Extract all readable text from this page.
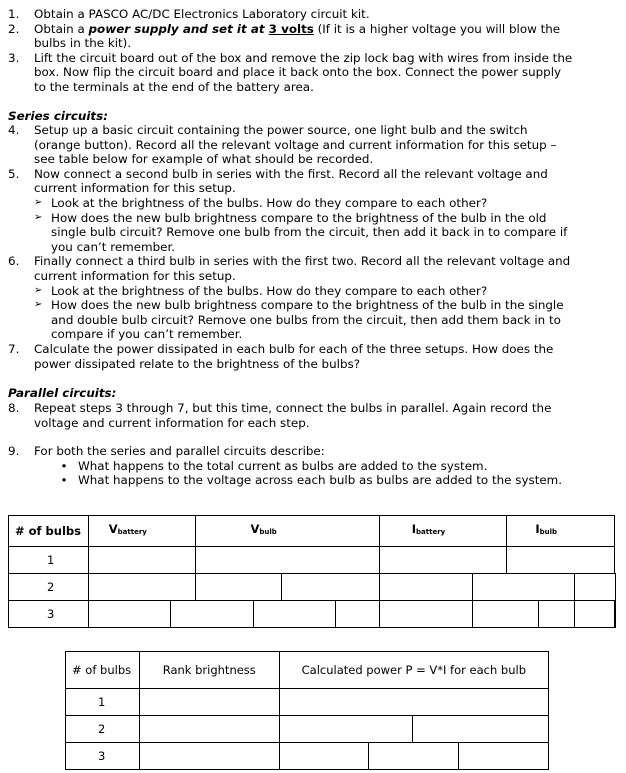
1.	Obtain a PASCO AC/DC Electronics Laboratory circuit kit.
2.	Obtain a power supply and set it at 3 volts (If it is a higher voltage you will blow the bulbs in the kit).
3.	Lift the circuit board out of the box and remove the zip lock bag with wires from inside the box. Now flip the circuit board and place it back onto the box. Connect the power supply to the terminals at the end of the battery area.
Series circuits:
4.	Setup up a basic circuit containing the power source, one light bulb and the switch (orange button). Record all the relevant voltage and current information for this setup – see table below for example of what should be recorded.
5.	Now connect a second bulb in series with the first. Record all the relevant voltage and current information for this setup.
➢ Look at the brightness of the bulbs. How do they compare to each other?
➢ How does the new bulb brightness compare to the brightness of the bulb in the old single bulb circuit? Remove one bulb from the circuit, then add it back in to compare if you can’t remember.
6.	Finally connect a third bulb in series with the first two. Record all the relevant voltage and current information for this setup.
➢ Look at the brightness of the bulbs. How do they compare to each other?
➢ How does the new bulb brightness compare to the brightness of the bulb in the single and double bulb circuit? Remove one bulbs from the circuit, then add them back in to compare if you can’t remember.
7.	Calculate the power dissipated in each bulb for each of the three setups. How does the power dissipated relate to the brightness of the bulbs?
Parallel circuits:
8.	Repeat steps 3 through 7, but this time, connect the bulbs in parallel. Again record the voltage and current information for each step.
9.	For both the series and parallel circuits describe:
• What happens to the total current as bulbs are added to the system.
• What happens to the voltage across each bulb as bulbs are added to the system.
# of bulbs	Vbattery		Vbulb				Ibattery		Ibulb			
1												
2												
3												
# of bulbs	Rank brightness	Calculated power P = V*I for each bulb			
1					
2					
3					
